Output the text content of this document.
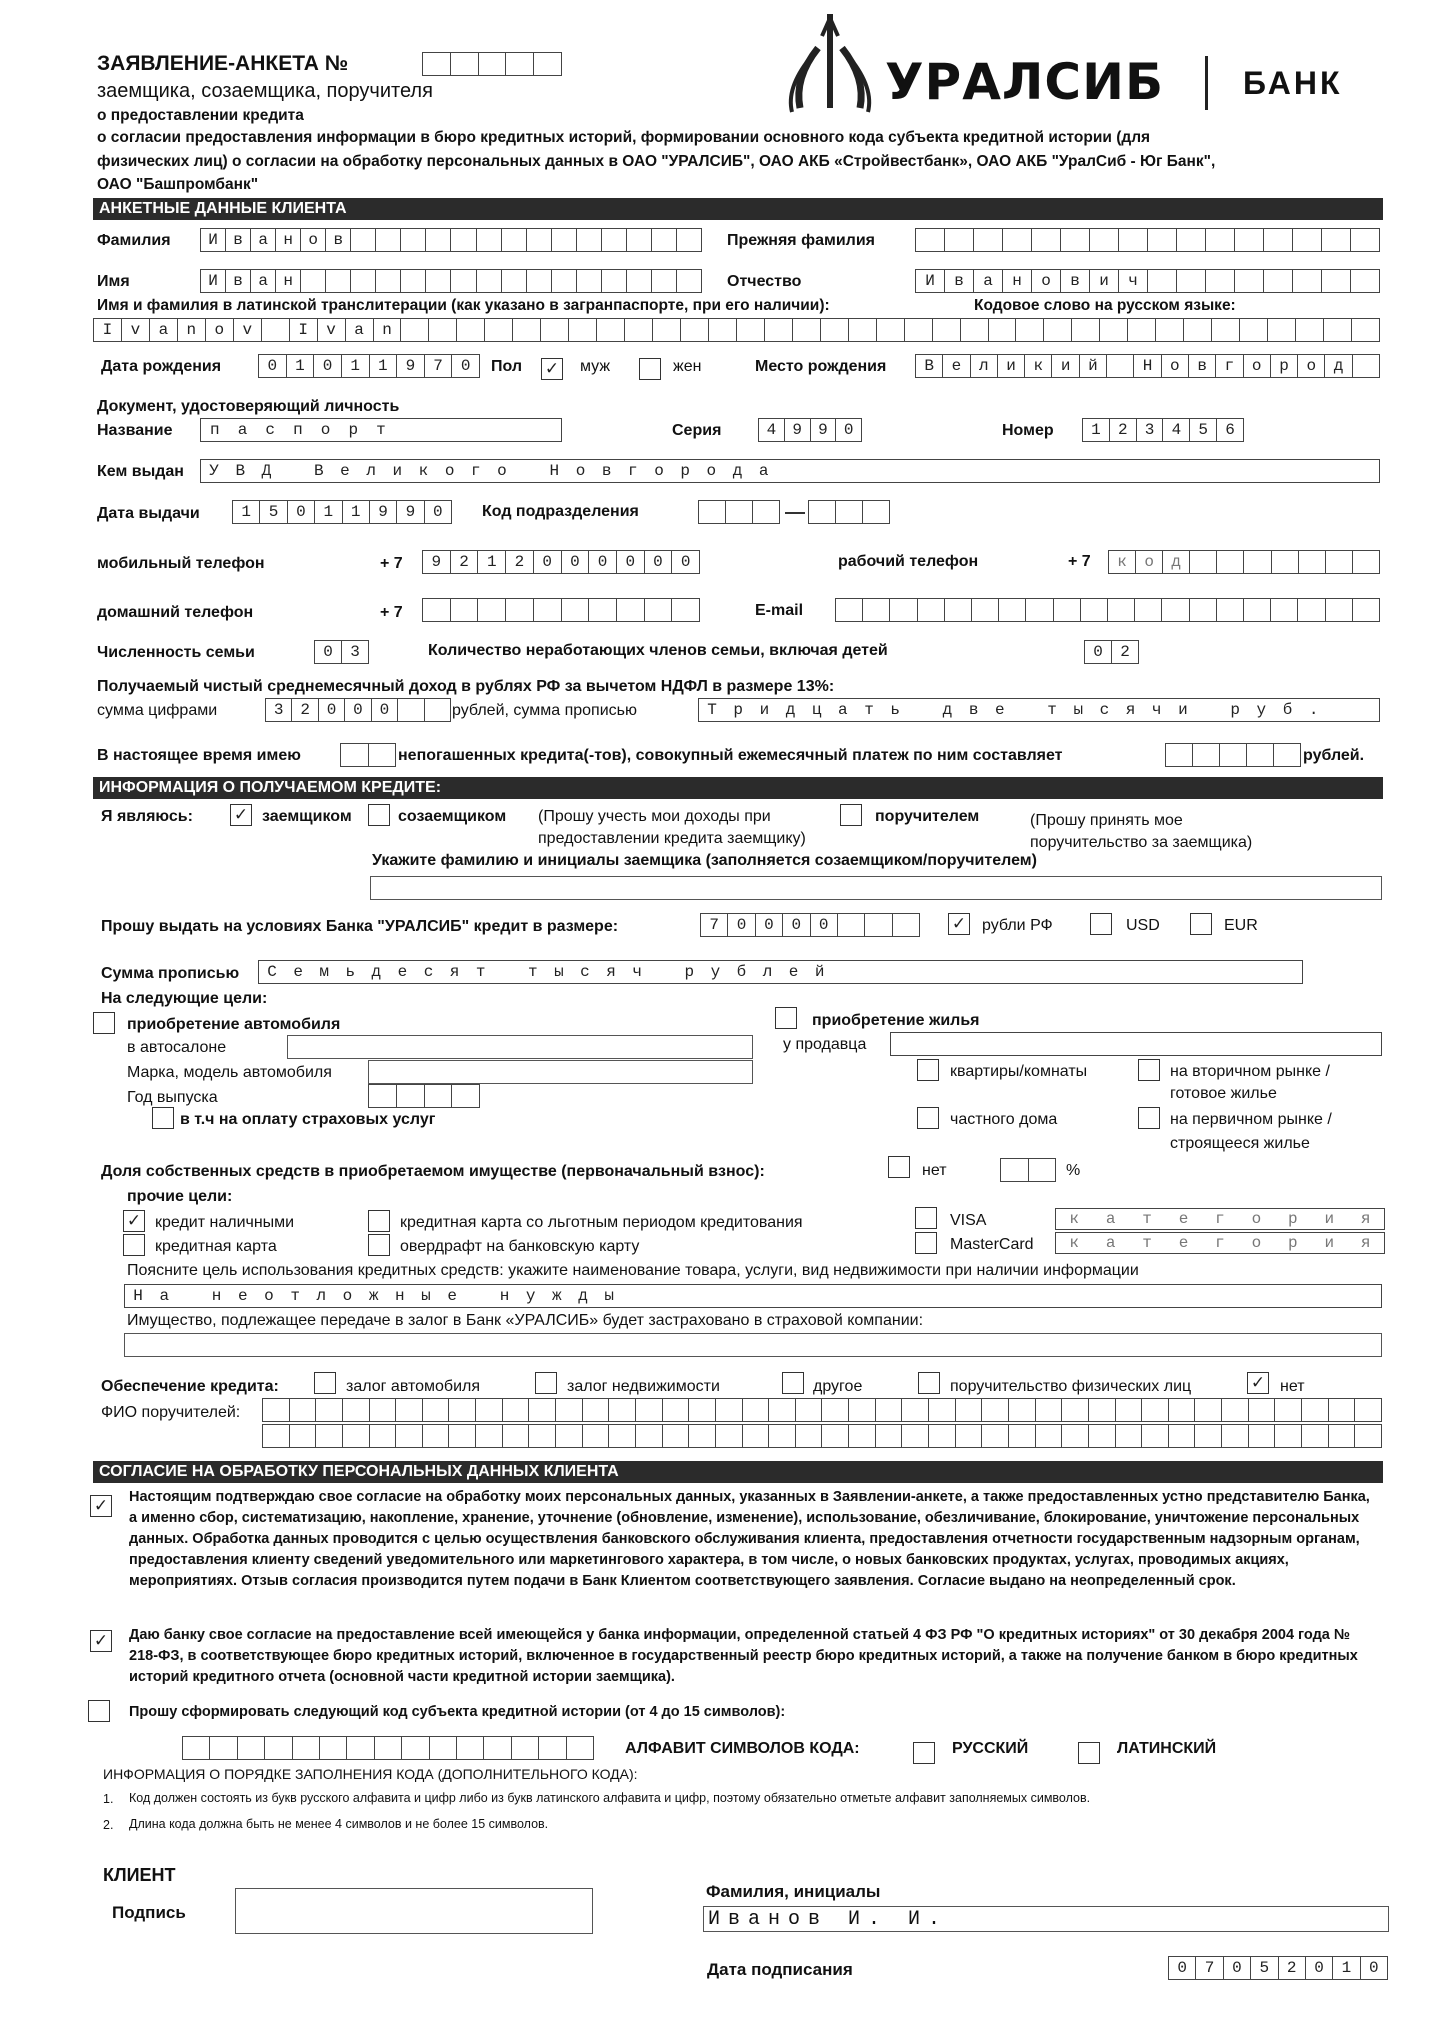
ЗАЯВЛЕНИЕ-АНКЕТА №
заемщика, созаемщика, поручителя
о предоставлении кредита
о согласии предоставления информации в бюро кредитных историй, формировании основного кода субъекта кредитной истории (для
физических лиц) о согласии на обработку персональных данных в ОАО "УРАЛСИБ", ОАО АКБ «Стройвестбанк», ОАО АКБ "УралСиб - Юг Банк",
ОАО "Башпромбанк"
УРАЛСИБ БАНК
АНКЕТНЫЕ ДАННЫЕ КЛИЕНТА
Фамилия	И в а н о в	Прежняя фамилия
Имя	И в а н	Отчество	И	в	а	н	о	в	и	ч
Имя и фамилия в латинской транслитерации (как указано в загранпаспорте, при его наличии):	Кодовое слово на русском языке:
I	v	a	n	o	v	I	v	a	n
Дата рождения	0	1	0	1	1	9	7	0	Пол ✓ муж	жен	Место рождения	В	е	л	и	к	и	й	Н	о	в	г	о	р	о	д
Документ, удостоверяющий личность
Название	п	а	с	п	о	р	т	Серия	4	9	9	0	Номер	1	2	3	4	5	6
Кем выдан	У	В	Д	В	е	л	и	к	о	г	о	Н	о	в	г	о	р	о	д	а
Дата выдачи	1	5	0	1	1	9	9	0	Код подразделения
мобильный телефон	+ 7	9	2	1	2	0	0	0	0	0	0	рабочий телефон	+ 7	к	о	д
домашний телефон	+ 7	E-mail
Численность семьи	0	3	Количество неработающих членов семьи, включая детей	0	2
Получаемый чистый среднемесячный доход в рублях РФ за вычетом НДФЛ в размере 13%:
сумма цифрами	3	2	0	0	0	рублей, сумма прописью	Т	р	и	д	ц	а	т	ь	д	в	е	т	ы	с	я	ч	и	р	у	б	.
В настоящее время имею	непогашенных кредита(-тов), совокупный ежемесячный платеж по ним составляет	рублей.
ИНФОРМАЦИЯ О ПОЛУЧАЕМОМ КРЕДИТЕ:
Я являюсь: ✓ заемщиком	созаемщиком (Прошу учесть мои доходы при
предоставлении кредита заемщику)
поручителем	(Прошу принять мое
поручительство за заемщика)
Укажите фамилию и инициалы заемщика (заполняется созаемщиком/поручителем)
Прошу выдать на условиях Банка "УРАЛСИБ" кредит в размере:	7	0	0	0	0	✓ рубли РФ	USD	EUR
Сумма прописью	С	е	м	ь	д	е	с	я	т	т	ы	с	я	ч	р	у	б	л	е	й
На следующие цели:
приобретение автомобиля
в автосалоне
Марка, модель автомобиля
Год выпуска
в т.ч на оплату страховых услуг
приобретение жилья
у продавца
квартиры/комнаты	на вторичном рынке /
готовое жилье
частного дома	на первичном рынке /
строящееся жилье
Доля собственных средств в приобретаемом имуществе (первоначальный взнос):	нет	%
прочие цели:
✓ кредит наличными
кредитная карта
кредитная карта со льготным периодом кредитования
овердрафт на банковскую карту
VISA
MasterCard
к	а	т	е	г	о	р	и	я
к	а	т	е	г	о	р	и	я
Поясните цель использования кредитных средств: укажите наименование товара, услуги, вид недвижимости при наличии информации
Н	а	н	е	о	т	л	о	ж	н	ы	е	н	у	ж	д	ы
Имущество, подлежащее передаче в залог в Банк «УРАЛСИБ» будет застраховано в страховой компании:
Обеспечение кредита:	залог автомобиля	залог недвижимости	другое	поручительство физических лиц	✓ нет
ФИО поручителей:
СОГЛАСИЕ НА ОБРАБОТКУ ПЕРСОНАЛЬНЫХ ДАННЫХ КЛИЕНТА
✓ Настоящим подтверждаю свое согласие на обработку моих персональных данных, указанных в Заявлении-анкете, а также предоставленных устно представителю Банка, а именно сбор, систематизацию, накопление, хранение, уточнение (обновление, изменение), использование, обезличивание, блокирование, уничтожение персональных данных. Обработка данных проводится с целью осуществления банковского обслуживания клиента, предоставления отчетности государственным надзорным органам, предоставления клиенту сведений уведомительного или маркетингового характера, в том числе, о новых банковских продуктах, услугах, проводимых акциях, мероприятиях. Отзыв согласия производится путем подачи в Банк Клиентом соответствующего заявления. Согласие выдано на неопределенный срок.
✓ Даю банку свое согласие на предоставление всей имеющейся у банка информации, определенной статьей 4 ФЗ РФ "О кредитных историях" от 30 декабря 2004 года № 218-ФЗ, в соответствующее бюро кредитных историй, включенное в государственный реестр бюро кредитных историй, а также на получение банком в бюро кредитных историй кредитного отчета (основной части кредитной истории заемщика).
Прошу сформировать следующий код субъекта кредитной истории (от 4 до 15 символов):
АЛФАВИТ СИМВОЛОВ КОДА:	РУССКИЙ	ЛАТИНСКИЙ
ИНФОРМАЦИЯ О ПОРЯДКЕ ЗАПОЛНЕНИЯ КОДА (ДОПОЛНИТЕЛЬНОГО КОДА):
1. Код должен состоять из букв русского алфавита и цифр либо из букв латинского алфавита и цифр, поэтому обязательно отметьте алфавит заполняемых символов.
2. Длина кода должна быть не менее 4 символов и не более 15 символов.
КЛИЕНТ
Подпись
Фамилия, инициалы
Иванов И. И.
Дата подписания	0	7	0	5	2	0	1	0
